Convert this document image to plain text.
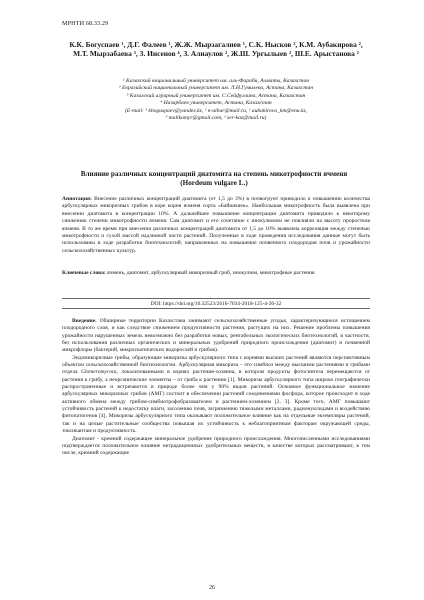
МРНТИ 68.33.29
К.К. Богуспаев ¹, Д.Г. Фалеев ¹, Ж.Ж. Мырзагалиев ¹, С.К. Нысков ², К.М. Аубакирова ², М.Т. Мырзабаева ³, З. Инсенов ⁴, З. Алиаулов ², Ж.Ш. Ургылыев ², Ш.Е. Арыстанова ²
¹ Казахский национальный университет им. аль-Фараби, Алматы, Казахстан
² Евразийский национальный университет им. Л.Н.Гумилева, Астана, Казахстан
³ Казахский аграрный университет им. С.Сейфуллина, Астана, Казахстан
⁴ Назарбаев университет, Астана, Казахстан
(E-mail: ¹ kboguspaev@yandex.kz, ² n-aibar@mail.ru, ² aubakirova_km@enu.kz,
³ malikamyr@gmail.com, ¹ zer-kaz@mail.ru)
Влияние различных концентраций диатомита на степень микотрофности ячменя
(Hordeum vulgare L.)
Аннотация: Внесение различных концентраций диатомита (от 1,5 до 3%) в почвогрунт приводило к повышению количества арбускулярных микоризных грибов в коре корня ячменя сорта «Байшешек». Наибольшая микотрофность была выявлена при внесении диатомита в концентрации 10%. А дальнейшее повышение концентрации диатомита приводило к некоторому снижению степени микотрофности ячменя. Сам диатомит и его сочетание с инокулюмом не повлияли на высоту проростков ячменя. В то же время при внесении различных концентраций диатомита от 1,5 до 10% выявлена корреляция между степенью микотрофности и сухой массой надземной части растений. Полученные в ходе проведения исследования данные могут быть использованы в ходе разработки биотехнологий, направленных на повышение почвенного плодородия почв и урожайности сельскохозяйственных культур.
Ключевые слова: ячмень, диатомит, арбускулярный микоризный гриб, инокулюм, микотрофные растения
DOI: https://doi.org/10.32523/2616-7034-2018-125-4-26-32

Введение. Обширные территории Казахстана занимают сельскохозяйственные угодья, характеризующиеся истощением плодородного слоя, и как следствие снижением продуктивности растения, растущих на них. Решение проблемы повышения урожайности нарушенных земель невозможно без разработки новых, рентабельных экологических биотехнологий, в частности, без использования различных органических и минеральных удобрений природного происхождения (диатомит) и почвенной микрофлоры (бактерий, микроскопических водорослей и грибов).

Эндомикоризные грибы, образующие микоризы арбускулярного типа с корнями высших растений являются перспективным объектом сельскохозяйственной биотехнологии. Арбускулярная микориза – это симбиоз между высшими растениями и грибами отдела Glomeromycota, локализованными в корнях растения-хозяина, в котором продукты фотосинтеза перемещаются от растения к грибу, а неорганические элементы – от гриба к растению [1]. Микоризы арбускулярного типа широко географически распространенные и встречаются в природе более чем у 90% видов растений. Основное функциональное значение арбускулярных микоризных грибов (АМГ) состоит в обеспечении растений соединениями фосфора, которое происходит в ходе активного обмена между грибом-симбиотрофобразователем и растением-хозяином [2, 3]. Кроме того, АМГ повышают устойчивость растений к недостатку влаги, засолению почв, загрязнению тяжелыми металлами, радионуклидами и воздействию фитопатогенов [4]. Микоризы арбускулярного типа оказывают положительное влияние как на отдельные экземпляры растений, так и на целые растительные сообщества повышая их устойчивость к неблагоприятным факторам окружающей среды, токсикантам и продуктивность.

Диатомит - кремний содержащее минеральное удобрение природного происхождения. Многочисленными исследованиями подтверждается положительное влияние нетрадиционных удобрительных веществ, в качестве которых рассматривают, в том числе, кремний содержащие

26
